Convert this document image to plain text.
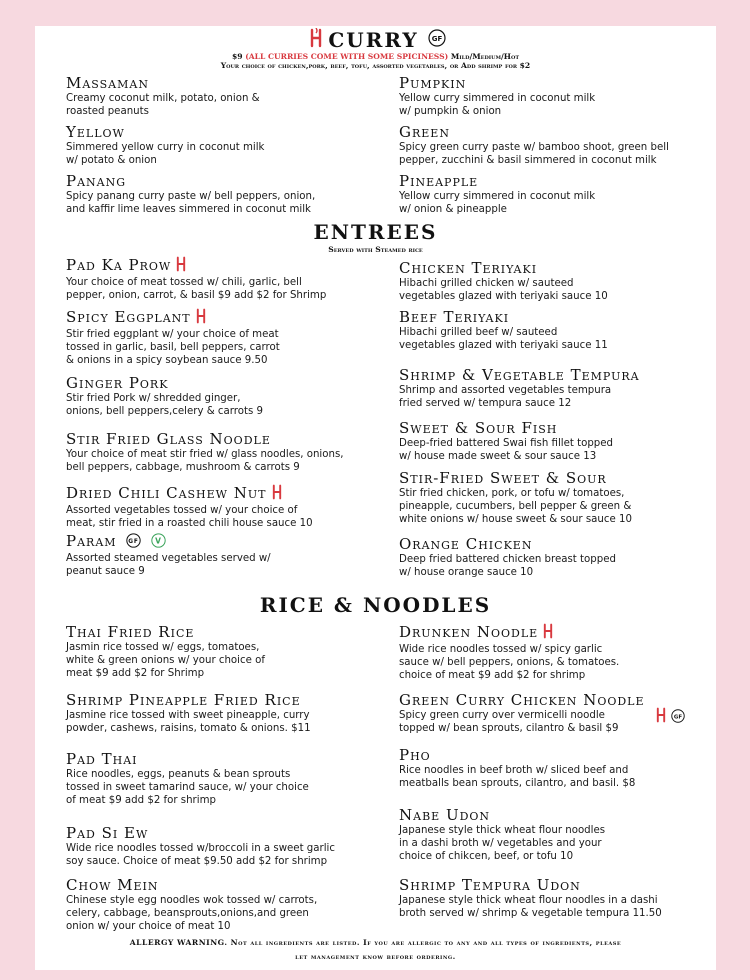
CURRY GF
$9 (ALL CURRIES COME WITH SOME SPICINESS) Mild/Medium/Hot
Your choice of chicken,pork, beef, tofu, assorted vegetables, or Add shrimp for $2
Massaman
Creamy coconut milk, potato, onion &
roasted peanuts
Yellow
Simmered yellow curry in coconut milk
w/ potato & onion
Panang
Spicy panang curry paste w/ bell peppers, onion,
and kaffir lime leaves simmered in coconut milk
Pumpkin
Yellow curry simmered in coconut milk
w/ pumpkin & onion
Green
Spicy green curry paste w/ bamboo shoot, green bell
pepper, zucchini & basil simmered in coconut milk
Pineapple
Yellow curry simmered in coconut milk
w/ onion & pineapple
ENTREES
Served with Steamed rice
Pad Ka Prow
Your choice of meat tossed w/ chili, garlic, bell
pepper, onion, carrot, & basil $9 add $2 for Shrimp
Spicy Eggplant
Stir fried eggplant w/ your choice of meat
tossed in garlic, basil, bell peppers, carrot
& onions in a spicy soybean sauce 9.50
Ginger Pork
Stir fried Pork w/ shredded ginger,
onions, bell peppers,celery & carrots 9
Stir Fried Glass Noodle
Your choice of meat stir fried w/ glass noodles, onions,
bell peppers, cabbage, mushroom & carrots 9
Dried Chili Cashew Nut
Assorted vegetables tossed w/ your choice of
meat, stir fried in a roasted chili house sauce 10
Param GF
V
Assorted steamed vegetables served w/
peanut sauce 9
Chicken Teriyaki
Hibachi grilled chicken w/ sauteed
vegetables glazed with teriyaki sauce 10
Beef Teriyaki
Hibachi grilled beef w/ sauteed
vegetables glazed with teriyaki sauce 11
Shrimp & Vegetable Tempura
Shrimp and assorted vegetables tempura
fried served w/ tempura sauce 12
Sweet & Sour Fish
Deep-fried battered Swai fish fillet topped
w/ house made sweet & sour sauce 13
Stir-Fried Sweet & Sour
Stir fried chicken, pork, or tofu w/ tomatoes,
pineapple, cucumbers, bell pepper & green &
white onions w/ house sweet & sour sauce 10
Orange Chicken
Deep fried battered chicken breast topped
w/ house orange sauce 10
RICE & NOODLES
Thai Fried Rice
Jasmin rice tossed w/ eggs, tomatoes,
white & green onions w/ your choice of
meat $9 add $2 for Shrimp
Shrimp Pineapple Fried Rice
Jasmine rice tossed with sweet pineapple, curry
powder, cashews, raisins, tomato & onions. $11
Pad Thai
Rice noodles, eggs, peanuts & bean sprouts
tossed in sweet tamarind sauce, w/ your choice
of meat $9 add $2 for shrimp
Pad Si Ew
Wide rice noodles tossed w/broccoli in a sweet garlic
soy sauce. Choice of meat $9.50 add $2 for shrimp
Chow Mein
Chinese style egg noodles wok tossed w/ carrots,
celery, cabbage, beansprouts,onions,and green
onion w/ your choice of meat 10
Drunken Noodle
Wide rice noodles tossed w/ spicy garlic
sauce w/ bell peppers, onions, & tomatoes.
choice of meat $9 add $2 for shrimp
Green Curry Chicken Noodle
Spicy green curry over vermicelli noodle
topped w/ bean sprouts, cilantro & basil $9
GF
Pho
Rice noodles in beef broth w/ sliced beef and
meatballs bean sprouts, cilantro, and basil. $8
Nabe Udon
Japanese style thick wheat flour noodles
in a dashi broth w/ vegetables and your
choice of chikcen, beef, or tofu 10
Shrimp Tempura Udon
Japanese style thick wheat flour noodles in a dashi
broth served w/ shrimp & vegetable tempura 11.50
ALLERGY WARNING. Not all ingredients are listed. If you are allergic to any and all types of ingredients, please
let management know before ordering.
